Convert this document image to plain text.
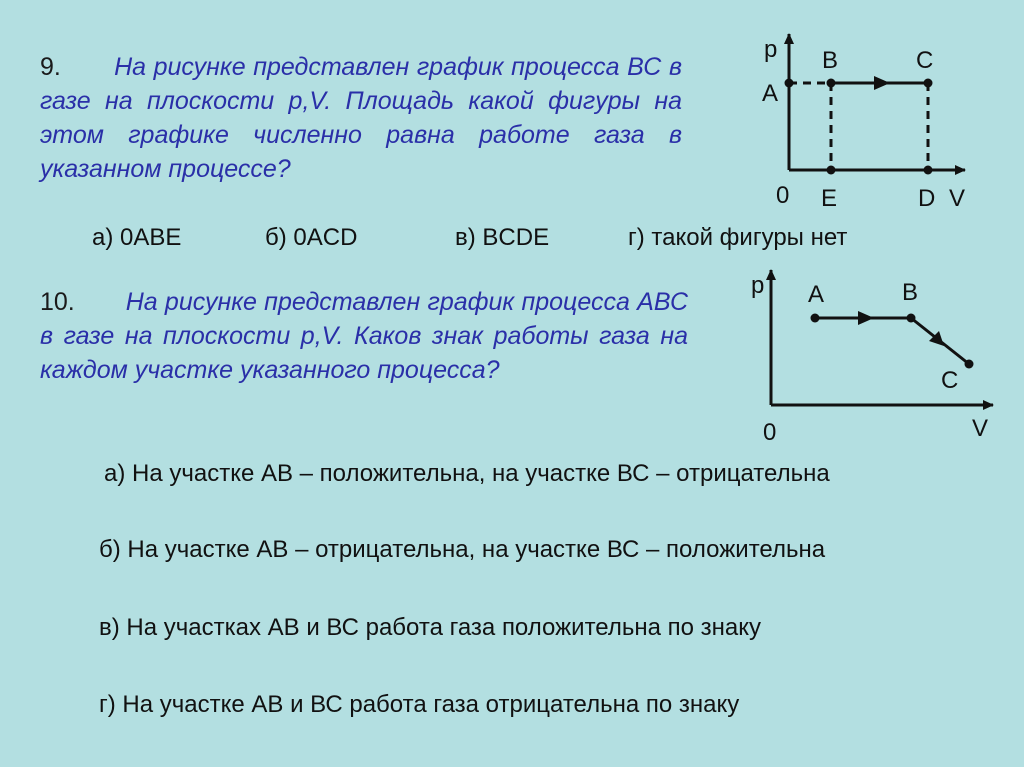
9. На рисунке представлен график процесса ВС в газе на плоскости p,V. Площадь какой фигуры на этом графике численно равна работе газа в указанном процессе?
p
A
B	C
0 E	D V
а) 0ABE	б) 0ACD	в) BCDE	г) такой фигуры нет
10. На рисунке представлен график процесса АВС в газе на плоскости p,V. Каков знак работы газа на каждом участке указанного процесса?
p A	B
C
0	V
а) На участке АВ – положительна, на участке ВС – отрицательна
б) На участке АВ – отрицательна, на участке ВС – положительна
в) На участках АВ и ВС работа газа положительна по знаку
г) На участке АВ и ВС работа газа отрицательна по знаку
